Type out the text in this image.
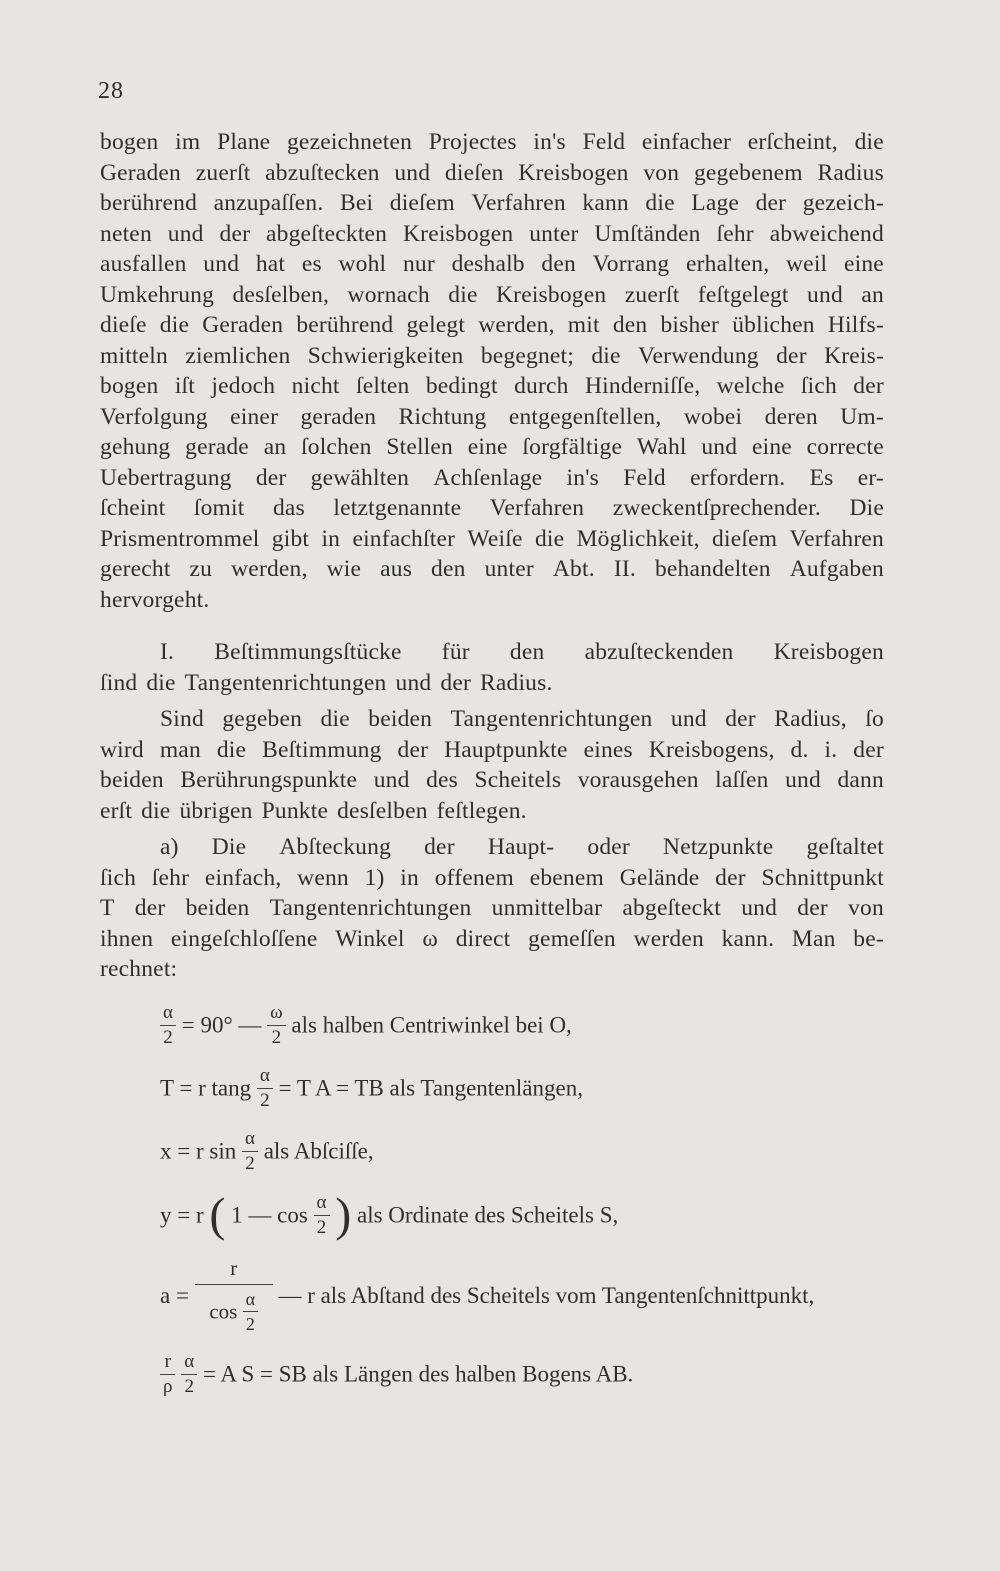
28
bogen im Plane gezeichneten Projectes in's Feld einfacher erſcheint, die
Geraden zuerſt abzuſtecken und dieſen Kreisbogen von gegebenem Radius
berührend anzupaſſen. Bei dieſem Verfahren kann die Lage der gezeich-
neten und der abgeſteckten Kreisbogen unter Umſtänden ſehr abweichend
ausfallen und hat es wohl nur deshalb den Vorrang erhalten, weil eine
Umkehrung desſelben, wornach die Kreisbogen zuerſt feſtgelegt und an
dieſe die Geraden berührend gelegt werden, mit den bisher üblichen Hilfs-
mitteln ziemlichen Schwierigkeiten begegnet; die Verwendung der Kreis-
bogen iſt jedoch nicht ſelten bedingt durch Hinderniſſe, welche ſich der
Verfolgung einer geraden Richtung entgegenſtellen, wobei deren Um-
gehung gerade an ſolchen Stellen eine ſorgfältige Wahl und eine correcte
Uebertragung der gewählten Achſenlage in's Feld erfordern. Es er-
ſcheint ſomit das letztgenannte Verfahren zweckentſprechender. Die
Prismentrommel gibt in einfachſter Weiſe die Möglichkeit, dieſem Verfahren
gerecht zu werden, wie aus den unter Abt. II. behandelten Aufgaben
hervorgeht.
I. Beſtimmungsſtücke für den abzuſteckenden Kreisbogen
ſind die Tangentenrichtungen und der Radius.
Sind gegeben die beiden Tangentenrichtungen und der Radius, ſo
wird man die Beſtimmung der Hauptpunkte eines Kreisbogens, d. i. der
beiden Berührungspunkte und des Scheitels vorausgehen laſſen und dann
erſt die übrigen Punkte desſelben feſtlegen.
a) Die Abſteckung der Haupt- oder Netzpunkte geſtaltet
ſich ſehr einfach, wenn 1) in offenem ebenem Gelände der Schnittpunkt
T der beiden Tangentenrichtungen unmittelbar abgeſteckt und der von
ihnen eingeſchloſſene Winkel ω direct gemeſſen werden kann. Man be-
rechnet:
$\frac{\alpha}{2} = 90^\circ$ — $\frac{\omega}{2}$ als halben Centriwinkel bei O,
T = r tang $\frac{\alpha}{2} = T$ A = TB als Tangentenlängen,
x = r $\sin \frac{\alpha}{2}$ als Abſciſſe,
y = r ( 1 — $\cos \frac{\alpha}{2}$ ) als Ordinate des Scheitels S,
$a = \frac{r}{\cos \frac{\alpha}{2}}$ — r als Abſtand des Scheitels vom Tangentenſchnittpunkt,
$\frac{r}{\rho}$
$\frac{\alpha}{2} = A$ S = SB als Längen des halben Bogens AB.
